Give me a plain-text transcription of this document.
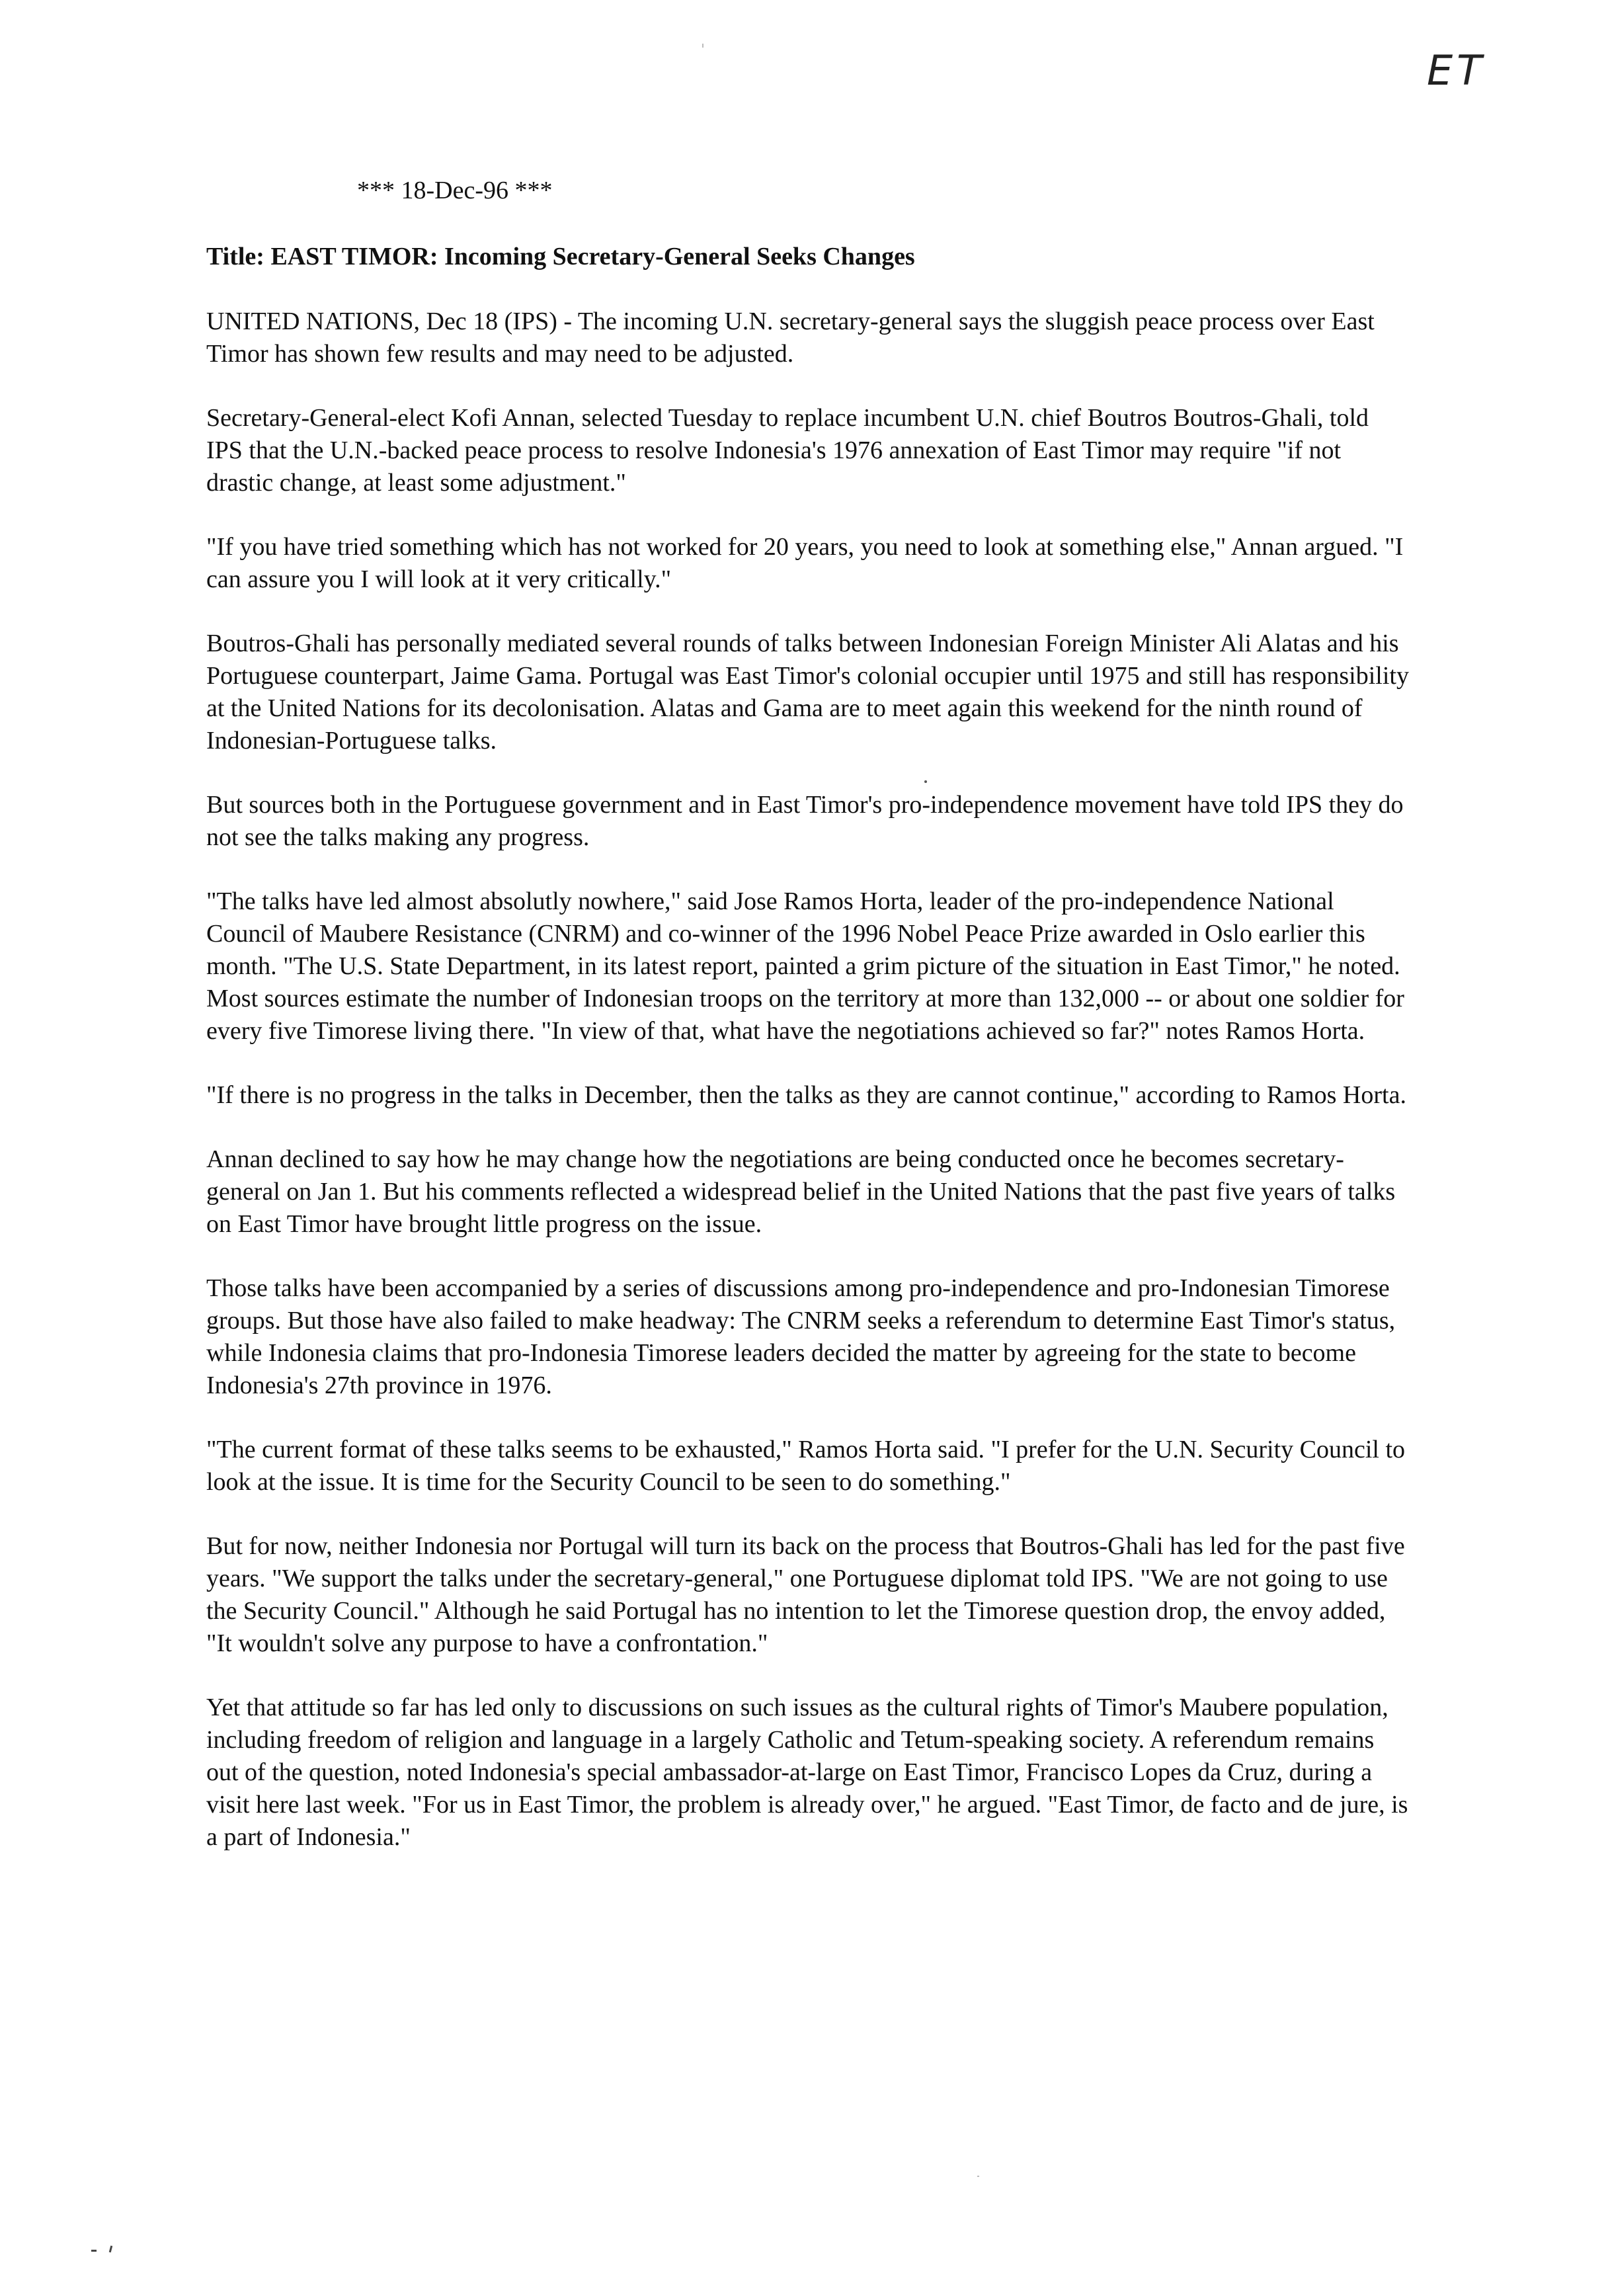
ET
*** 18-Dec-96 ***
Title: EAST TIMOR: Incoming Secretary-General Seeks Changes

UNITED NATIONS, Dec 18 (IPS) - The incoming U.N. secretary-general says the sluggish peace process over East Timor has shown few results and may need to be adjusted.

Secretary-General-elect Kofi Annan, selected Tuesday to replace incumbent U.N. chief Boutros Boutros-Ghali, told IPS that the U.N.-backed peace process to resolve Indonesia's 1976 annexation of East Timor may require "if not drastic change, at least some adjustment."

"If you have tried something which has not worked for 20 years, you need to look at something else," Annan argued. "I can assure you I will look at it very critically."

Boutros-Ghali has personally mediated several rounds of talks between Indonesian Foreign Minister Ali Alatas and his Portuguese counterpart, Jaime Gama. Portugal was East Timor's colonial occupier until 1975 and still has responsibility at the United Nations for its decolonisation. Alatas and Gama are to meet again this weekend for the ninth round of Indonesian-Portuguese talks.

But sources both in the Portuguese government and in East Timor's pro-independence movement have told IPS they do not see the talks making any progress.

"The talks have led almost absolutly nowhere," said Jose Ramos Horta, leader of the pro-independence National Council of Maubere Resistance (CNRM) and co-winner of the 1996 Nobel Peace Prize awarded in Oslo earlier this month. "The U.S. State Department, in its latest report, painted a grim picture of the situation in East Timor," he noted. Most sources estimate the number of Indonesian troops on the territory at more than 132,000 -- or about one soldier for every five Timorese living there. "In view of that, what have the negotiations achieved so far?" notes Ramos Horta.

"If there is no progress in the talks in December, then the talks as they are cannot continue," according to Ramos Horta.

Annan declined to say how he may change how the negotiations are being conducted once he becomes secretary-general on Jan 1. But his comments reflected a widespread belief in the United Nations that the past five years of talks on East Timor have brought little progress on the issue.

Those talks have been accompanied by a series of discussions among pro-independence and pro-Indonesian Timorese groups. But those have also failed to make headway: The CNRM seeks a referendum to determine East Timor's status, while Indonesia claims that pro-Indonesia Timorese leaders decided the matter by agreeing for the state to become Indonesia's 27th province in 1976.

"The current format of these talks seems to be exhausted," Ramos Horta said. "I prefer for the U.N. Security Council to look at the issue. It is time for the Security Council to be seen to do something."

But for now, neither Indonesia nor Portugal will turn its back on the process that Boutros-Ghali has led for the past five years. "We support the talks under the secretary-general," one Portuguese diplomat told IPS. "We are not going to use the Security Council." Although he said Portugal has no intention to let the Timorese question drop, the envoy added, "It wouldn't solve any purpose to have a confrontation."

Yet that attitude so far has led only to discussions on such issues as the cultural rights of Timor's Maubere population, including freedom of religion and language in a largely Catholic and Tetum-speaking society. A referendum remains out of the question, noted Indonesia's special ambassador-at-large on East Timor, Francisco Lopes da Cruz, during a visit here last week. "For us in East Timor, the problem is already over," he argued. "East Timor, de facto and de jure, is a part of Indonesia."
